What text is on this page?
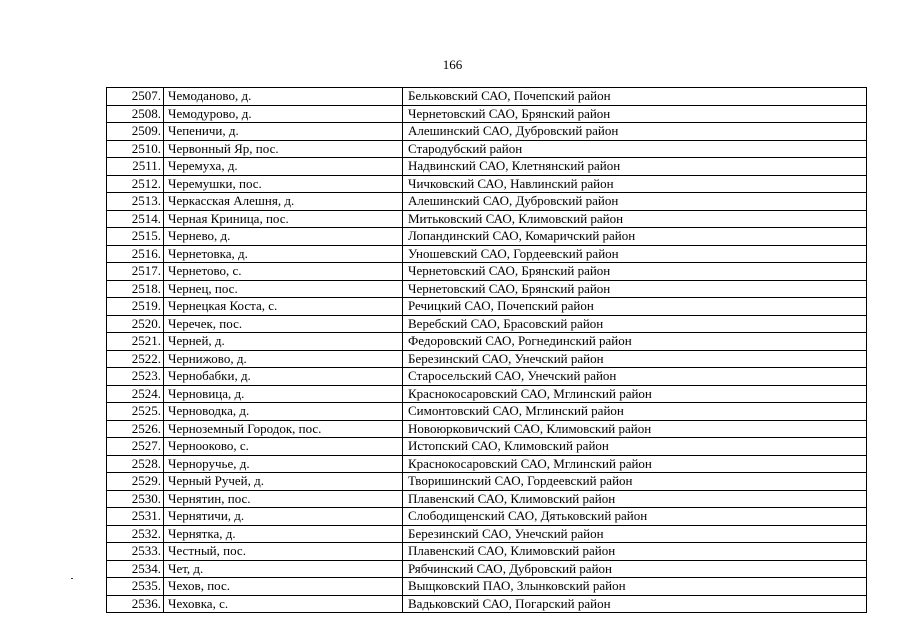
166
2507.	Чемоданово, д.	Бельковский САО, Почепский район
2508.	Чемодурово, д.	Чернетовский САО, Брянский район
2509.	Чепеничи, д.	Алешинский САО, Дубровский район
2510.	Червонный Яр, пос.	Стародубский район
2511.	Черемуха, д.	Надвинский САО, Клетнянский район
2512.	Черемушки, пос.	Чичковский САО, Навлинский район
2513.	Черкасская Алешня, д.	Алешинский САО, Дубровский район
2514.	Черная Криница, пос.	Митьковский САО, Климовский район
2515.	Чернево, д.	Лопандинский САО, Комаричский район
2516.	Чернетовка, д.	Уношевский САО, Гордеевский район
2517.	Чернетово, с.	Чернетовский САО, Брянский район
2518.	Чернец, пос.	Чернетовский САО, Брянский район
2519.	Чернецкая Коста, с.	Речицкий САО, Почепский район
2520.	Черечек, пос.	Веребский САО, Брасовский район
2521.	Черней, д.	Федоровский САО, Рогнединский район
2522.	Чернижово, д.	Березинский САО, Унечский район
2523.	Чернобабки, д.	Старосельский САО, Унечский район
2524.	Черновица, д.	Краснокосаровский САО, Мглинский район
2525.	Черноводка, д.	Симонтовский САО, Мглинский район
2526.	Черноземный Городок, пос.	Новоюрковичский САО, Климовский район
2527.	Чернооково, с.	Истопский САО, Климовский район
2528.	Черноручье, д.	Краснокосаровский САО, Мглинский район
2529.	Черный Ручей, д.	Творишинский САО, Гордеевский район
2530.	Чернятин, пос.	Плавенский САО, Климовский район
2531.	Чернятичи, д.	Слободищенский САО, Дятьковский район
2532.	Чернятка, д.	Березинский САО, Унечский район
2533.	Честный, пос.	Плавенский САО, Климовский район
2534.	Чет, д.	Рябчинский САО, Дубровский район
2535.	Чехов, пос.	Выщковский ПАО, Злынковский район
2536.	Чеховка, с.	Вадьковский САО, Погарский район
